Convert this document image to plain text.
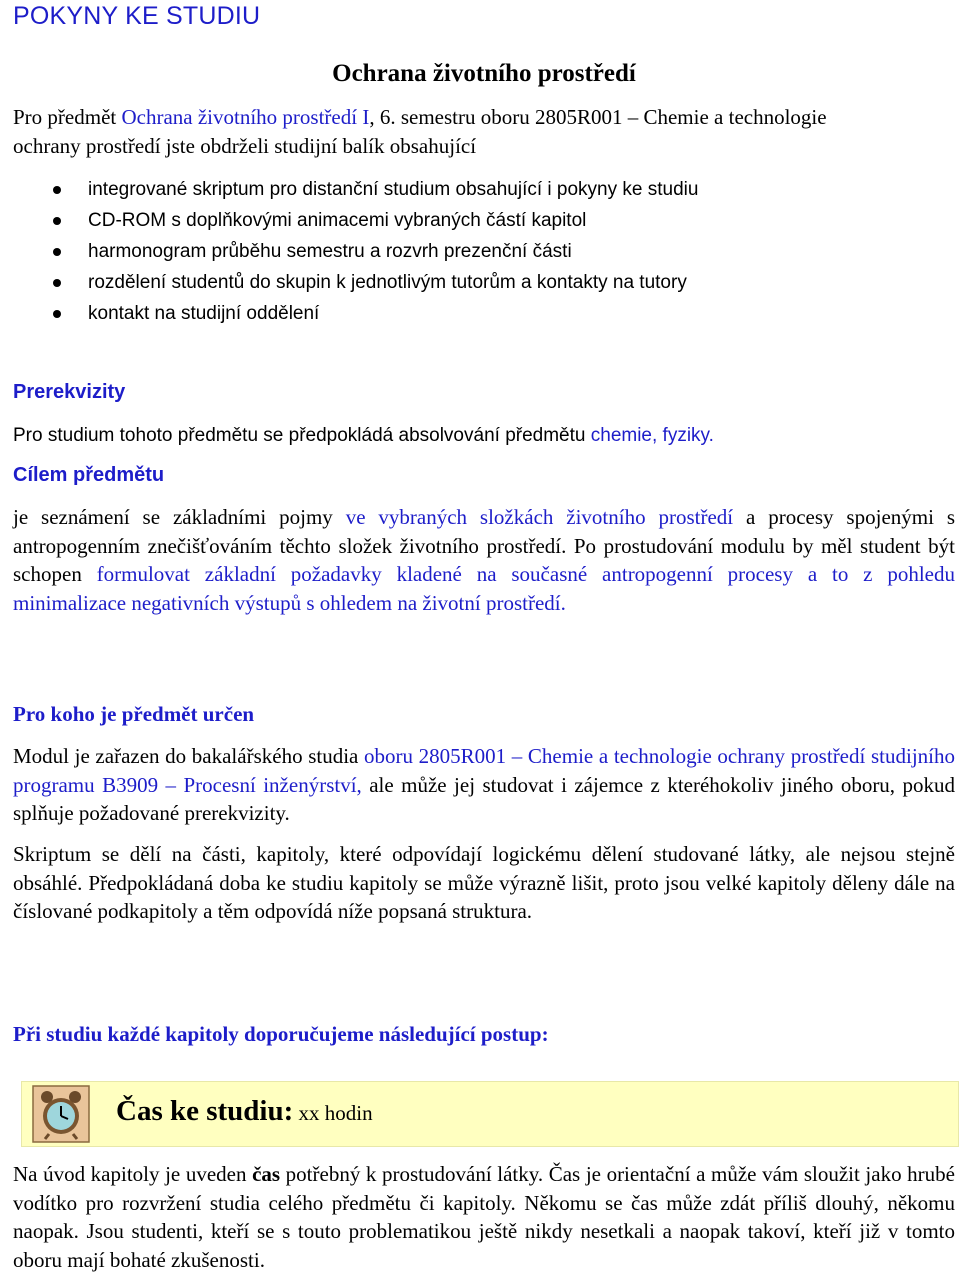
POKYNY KE STUDIU
Ochrana životního prostředí

Pro předmět Ochrana životního prostředí I, 6. semestru oboru 2805R001 – Chemie a technologie ochrany prostředí jste obdrželi studijní balík obsahující

integrované skriptum pro distanční studium obsahující i pokyny ke studiu
CD-ROM s doplňkovými animacemi vybraných částí kapitol
harmonogram průběhu semestru a rozvrh prezenční části
rozdělení studentů do skupin k jednotlivým tutorům a kontakty na tutory
kontakt na studijní oddělení
Prerekvizity

Pro studium tohoto předmětu se předpokládá absolvování předmětu chemie, fyziky.

Cílem předmětu

je seznámení se základními pojmy ve vybraných složkách životního prostředí a procesy spojenými s antropogenním znečišťováním těchto složek životního prostředí. Po prostudování modulu by měl student být schopen formulovat základní požadavky kladené na současné antropogenní procesy a to z pohledu minimalizace negativních výstupů s ohledem na životní prostředí.

Pro koho je předmět určen

Modul je zařazen do bakalářského studia oboru 2805R001 – Chemie a technologie ochrany prostředí studijního programu B3909 – Procesní inženýrství, ale může jej studovat i zájemce z kteréhokoliv jiného oboru, pokud splňuje požadované prerekvizity.

Skriptum se dělí na části, kapitoly, které odpovídají logickému dělení studované látky, ale nejsou stejně obsáhlé. Předpokládaná doba ke studiu kapitoly se může výrazně lišit, proto jsou velké kapitoly děleny dále na číslované podkapitoly a těm odpovídá níže popsaná struktura.

Při studiu každé kapitoly doporučujeme následující postup:
Čas ke studiu: xx hodin

Na úvod kapitoly je uveden čas potřebný k prostudování látky. Čas je orientační a může vám sloužit jako hrubé vodítko pro rozvržení studia celého předmětu či kapitoly. Někomu se čas může zdát příliš dlouhý, někomu naopak. Jsou studenti, kteří se s touto problematikou ještě nikdy nesetkali a naopak takoví, kteří již v tomto oboru mají bohaté zkušenosti.
